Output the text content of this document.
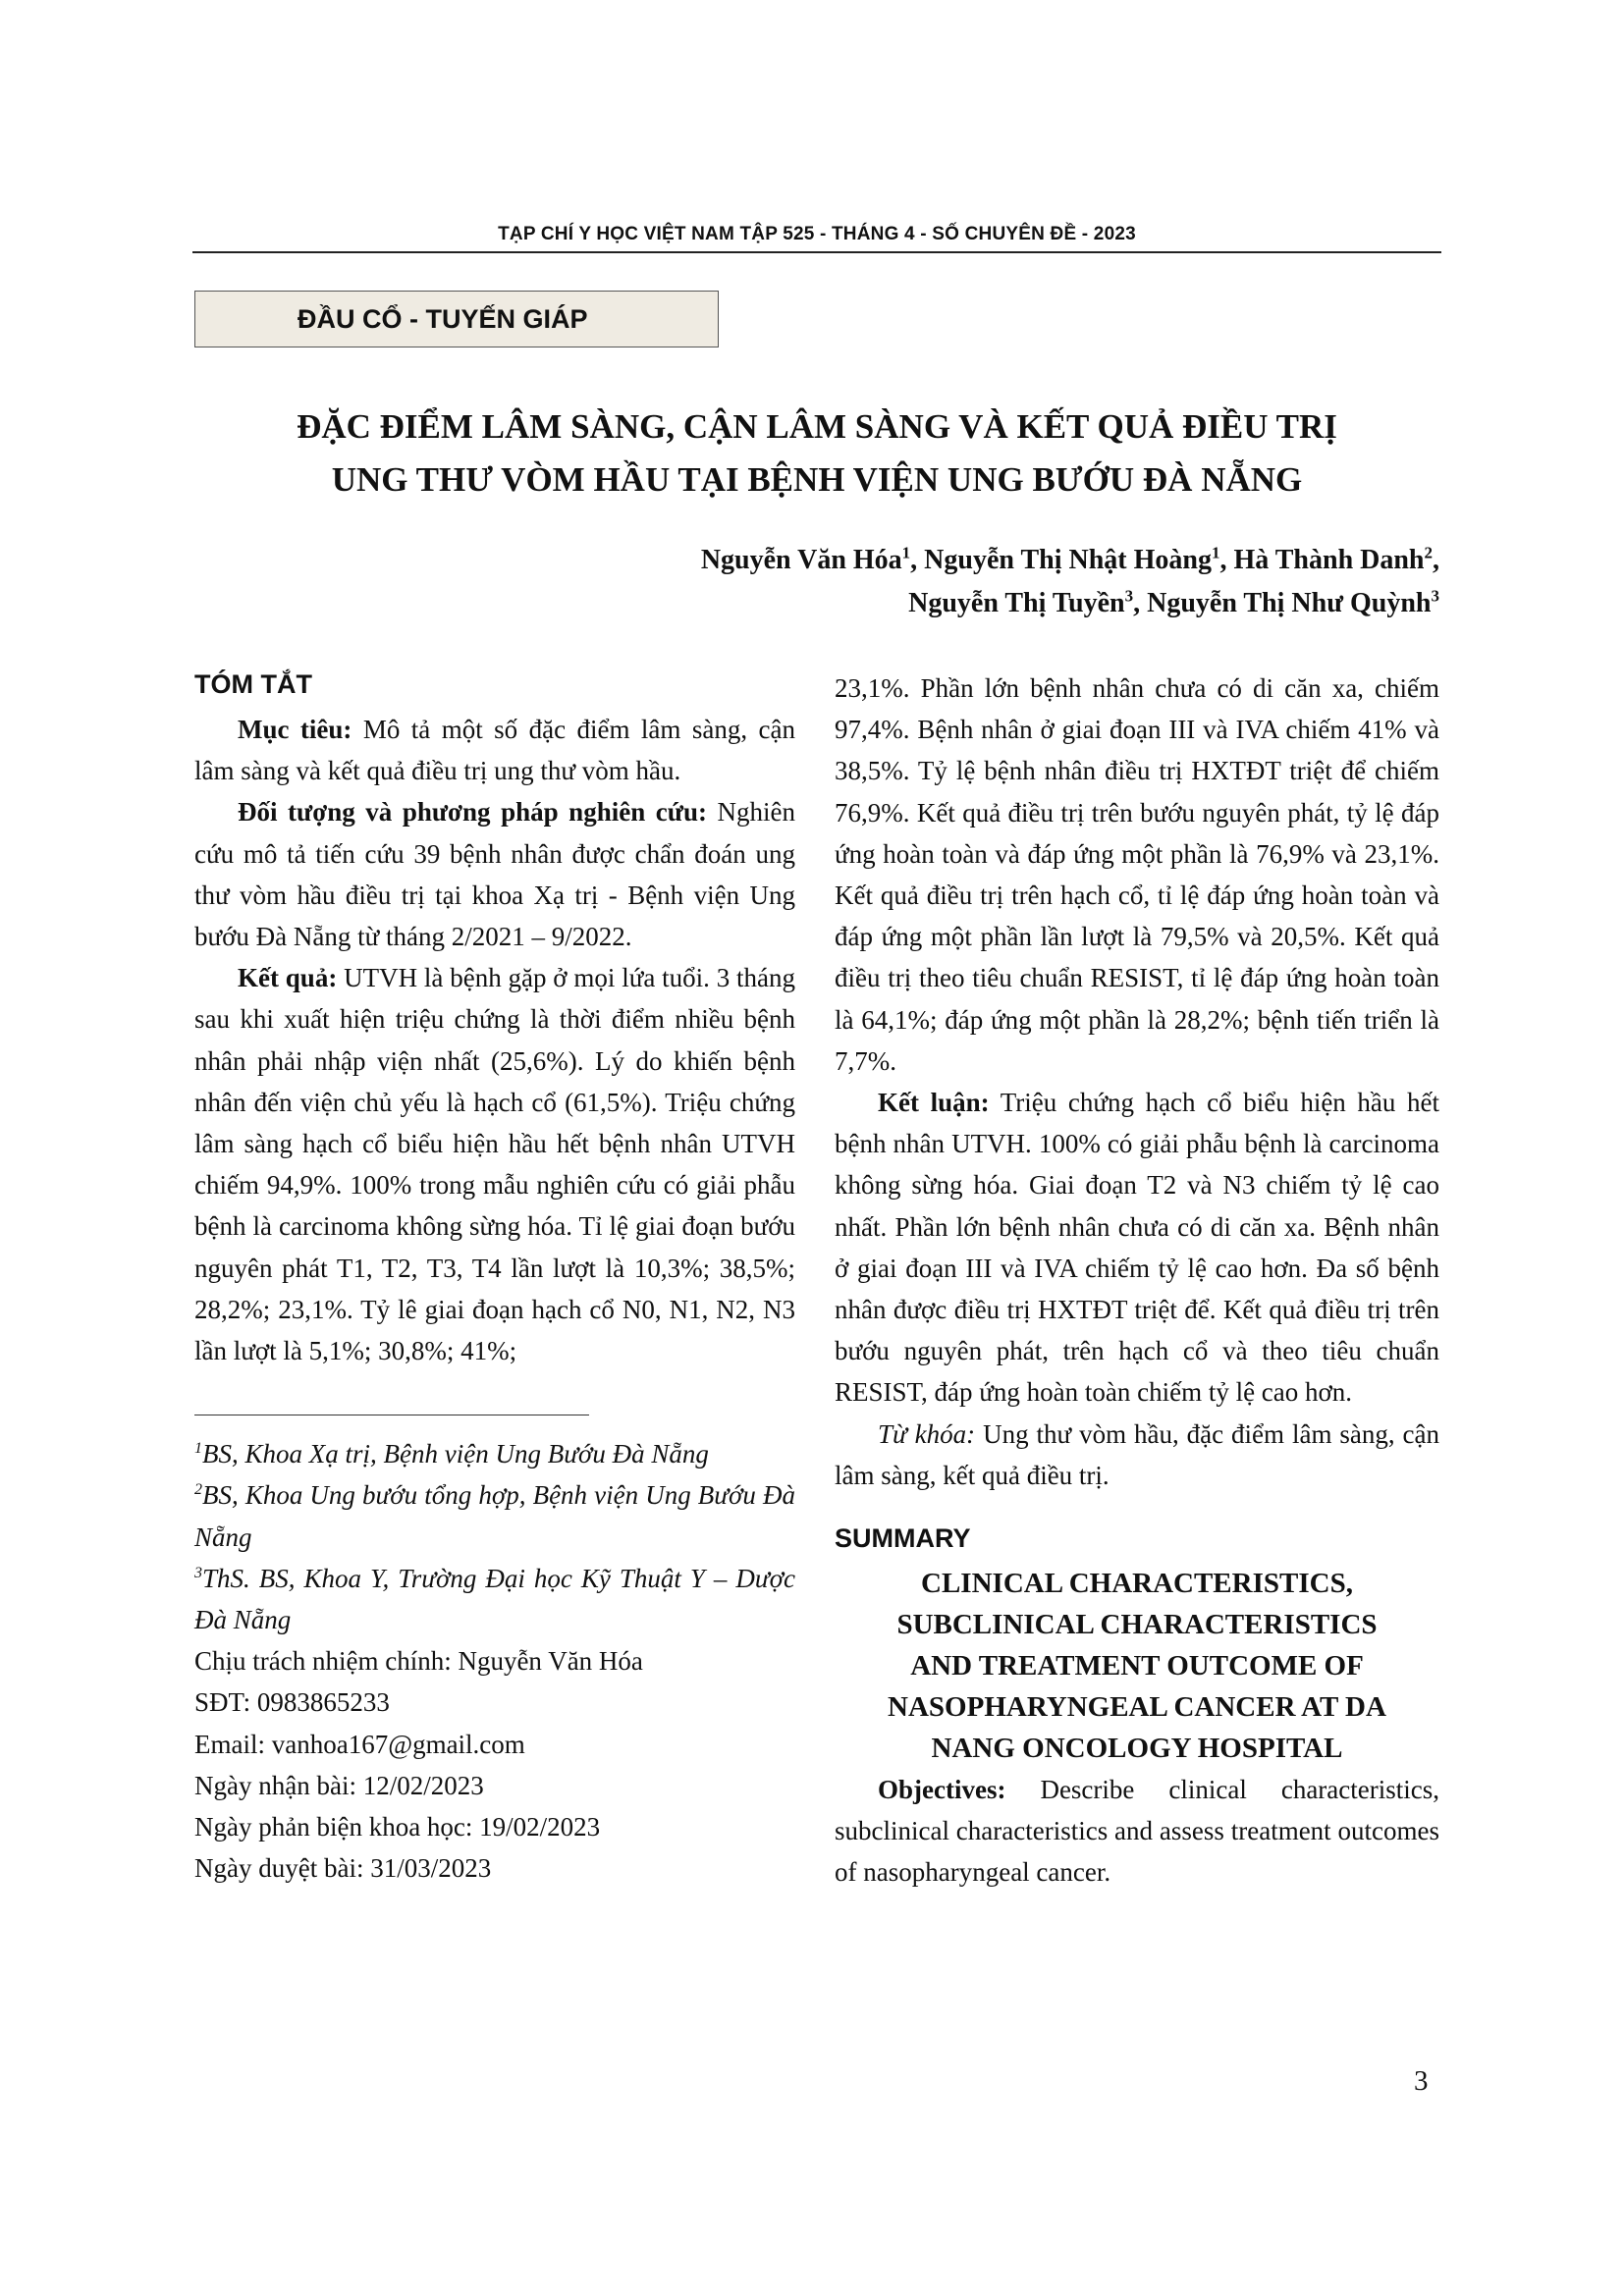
TẠP CHÍ Y HỌC VIỆT NAM TẬP 525 - THÁNG 4 - SỐ CHUYÊN ĐỀ - 2023
ĐẦU CỔ - TUYẾN GIÁP
ĐẶC ĐIỂM LÂM SÀNG, CẬN LÂM SÀNG VÀ KẾT QUẢ ĐIỀU TRỊ
UNG THƯ VÒM HẦU TẠI BỆNH VIỆN UNG BƯỚU ĐÀ NẴNG
Nguyễn Văn Hóa$^1$, Nguyễn Thị Nhật Hoàng$^1$, Hà Thành Danh$^2$,
Nguyễn Thị Tuyền$^3$, Nguyễn Thị Như Quỳnh$^3$
TÓM TẮT

Mục tiêu: Mô tả một số đặc điểm lâm sàng, cận lâm sàng và kết quả điều trị ung thư vòm hầu.

Đối tượng và phương pháp nghiên cứu: Nghiên cứu mô tả tiến cứu 39 bệnh nhân được chẩn đoán ung thư vòm hầu điều trị tại khoa Xạ trị - Bệnh viện Ung bướu Đà Nẵng từ tháng 2/2021 – 9/2022.

Kết quả: UTVH là bệnh gặp ở mọi lứa tuổi. 3 tháng sau khi xuất hiện triệu chứng là thời điểm nhiều bệnh nhân phải nhập viện nhất (25,6%). Lý do khiến bệnh nhân đến viện chủ yếu là hạch cổ (61,5%). Triệu chứng lâm sàng hạch cổ biểu hiện hầu hết bệnh nhân UTVH chiếm 94,9%. 100% trong mẫu nghiên cứu có giải phẫu bệnh là carcinoma không sừng hóa. Tỉ lệ giai đoạn bướu nguyên phát T1, T2, T3, T4 lần lượt là 10,3%; 38,5%; 28,2%; 23,1%. Tỷ lê giai đoạn hạch cổ N0, N1, N2, N3 lần lượt là 5,1%; 30,8%; 41%;

$^1$BS, Khoa Xạ trị, Bệnh viện Ung Bướu Đà Nẵng

$^2$BS, Khoa Ung bướu tổng hợp, Bệnh viện Ung Bướu Đà Nẵng

$^3$ThS. BS, Khoa Y, Trường Đại học Kỹ Thuật Y – Dược Đà Nẵng

Chịu trách nhiệm chính: Nguyễn Văn Hóa

SĐT: 0983865233

Email: vanhoa167@gmail.com

Ngày nhận bài: 12/02/2023

Ngày phản biện khoa học: 19/02/2023

Ngày duyệt bài: 31/03/2023

23,1%. Phần lớn bệnh nhân chưa có di căn xa, chiếm 97,4%. Bệnh nhân ở giai đoạn III và IVA chiếm 41% và 38,5%. Tỷ lệ bệnh nhân điều trị HXTĐT triệt để chiếm 76,9%. Kết quả điều trị trên bướu nguyên phát, tỷ lệ đáp ứng hoàn toàn và đáp ứng một phần là 76,9% và 23,1%. Kết quả điều trị trên hạch cổ, tỉ lệ đáp ứng hoàn toàn và đáp ứng một phần lần lượt là 79,5% và 20,5%. Kết quả điều trị theo tiêu chuẩn RESIST, tỉ lệ đáp ứng hoàn toàn là 64,1%; đáp ứng một phần là 28,2%; bệnh tiến triển là 7,7%.

Kết luận: Triệu chứng hạch cổ biểu hiện hầu hết bệnh nhân UTVH. 100% có giải phẫu bệnh là carcinoma không sừng hóa. Giai đoạn T2 và N3 chiếm tỷ lệ cao nhất. Phần lớn bệnh nhân chưa có di căn xa. Bệnh nhân ở giai đoạn III và IVA chiếm tỷ lệ cao hơn. Đa số bệnh nhân được điều trị HXTĐT triệt để. Kết quả điều trị trên bướu nguyên phát, trên hạch cổ và theo tiêu chuẩn RESIST, đáp ứng hoàn toàn chiếm tỷ lệ cao hơn.

Từ khóa: Ung thư vòm hầu, đặc điểm lâm sàng, cận lâm sàng, kết quả điều trị.

SUMMARY
CLINICAL CHARACTERISTICS,
SUBCLINICAL CHARACTERISTICS
AND TREATMENT OUTCOME OF
NASOPHARYNGEAL CANCER AT DA
NANG ONCOLOGY HOSPITAL

Objectives: Describe clinical characteristics, subclinical characteristics and assess treatment outcomes of nasopharyngeal cancer.

3
